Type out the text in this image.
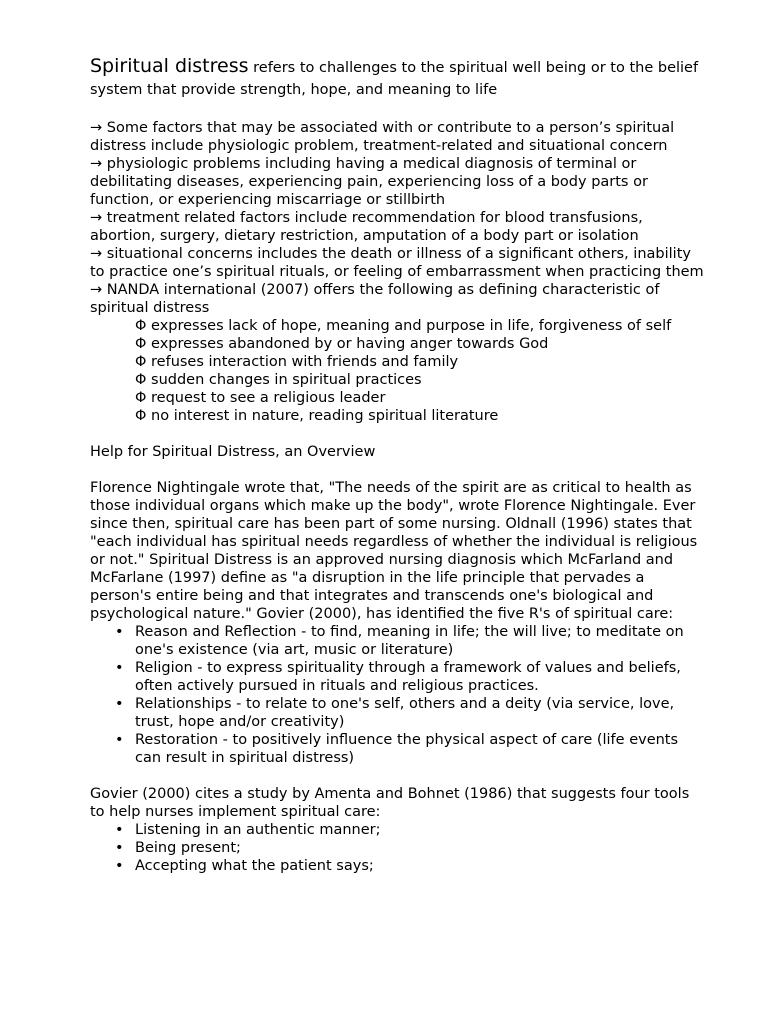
Spiritual distress refers to challenges to the spiritual well being or to the belief system that provide strength, hope, and meaning to life

→ Some factors that may be associated with or contribute to a person’s spiritual distress include physiologic problem, treatment-related and situational concern

→ physiologic problems including having a medical diagnosis of terminal or debilitating diseases, experiencing pain, experiencing loss of a body parts or function, or experiencing miscarriage or stillbirth

→ treatment related factors include recommendation for blood transfusions, abortion, surgery, dietary restriction, amputation of a body part or isolation

→ situational concerns includes the death or illness of a significant others, inability to practice one’s spiritual rituals, or feeling of embarrassment when practicing them

→ NANDA international (2007) offers the following as defining characteristic of spiritual distress

Φ expresses lack of hope, meaning and purpose in life, forgiveness of self

Φ expresses abandoned by or having anger towards God

Φ refuses interaction with friends and family

Φ sudden changes in spiritual practices

Φ request to see a religious leader

Φ no interest in nature, reading spiritual literature

Help for Spiritual Distress, an Overview

Florence Nightingale wrote that, "The needs of the spirit are as critical to health as those individual organs which make up the body", wrote Florence Nightingale. Ever since then, spiritual care has been part of some nursing. Oldnall (1996) states that "each individual has spiritual needs regardless of whether the individual is religious or not." Spiritual Distress is an approved nursing diagnosis which McFarland and McFarlane (1997) define as "a disruption in the life principle that pervades a person's entire being and that integrates and transcends one's biological and psychological nature." Govier (2000), has identified the five R's of spiritual care:

• Reason and Reflection - to find, meaning in life; the will live; to meditate on one's existence (via art, music or literature)
• Religion - to express spirituality through a framework of values and beliefs, often actively pursued in rituals and religious practices.
• Relationships - to relate to one's self, others and a deity (via service, love, trust, hope and/or creativity)
• Restoration - to positively influence the physical aspect of care (life events can result in spiritual distress)

Govier (2000) cites a study by Amenta and Bohnet (1986) that suggests four tools to help nurses implement spiritual care:

• Listening in an authentic manner;
• Being present;
• Accepting what the patient says;
